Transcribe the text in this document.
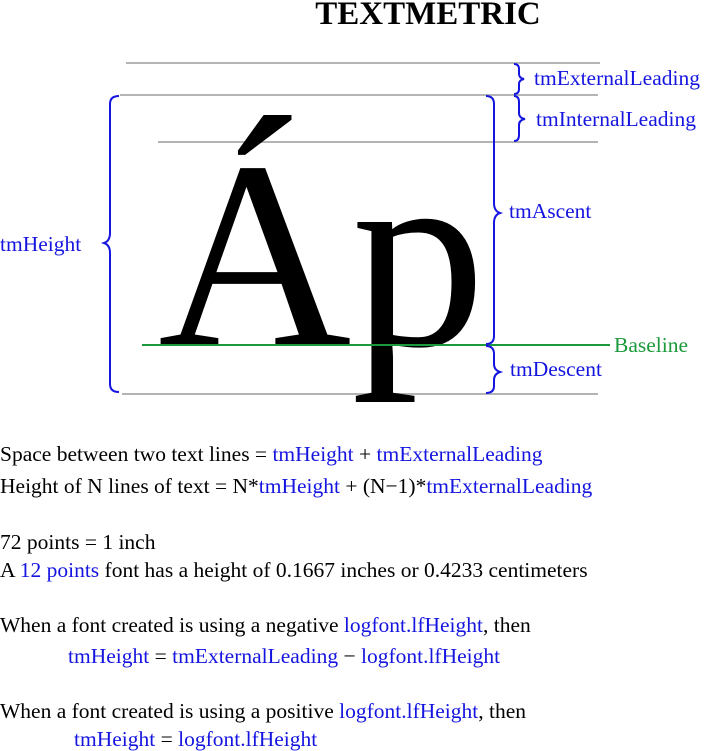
TEXTMETRIC
Áp	Baseline
tmHeight
tmAscent
tmDescent
tmExternalLeading
tmInternalLeading
Space between two text lines = tmHeight + tmExternalLeading
Height of N lines of text = N*tmHeight + (N−1)*tmExternalLeading
72 points = 1 inch
A 12 points font has a height of 0.1667 inches or 0.4233 centimeters
When a font created is using a negative logfont.lfHeight, then
tmHeight = tmExternalLeading − logfont.lfHeight
When a font created is using a positive logfont.lfHeight, then
tmHeight = logfont.lfHeight
